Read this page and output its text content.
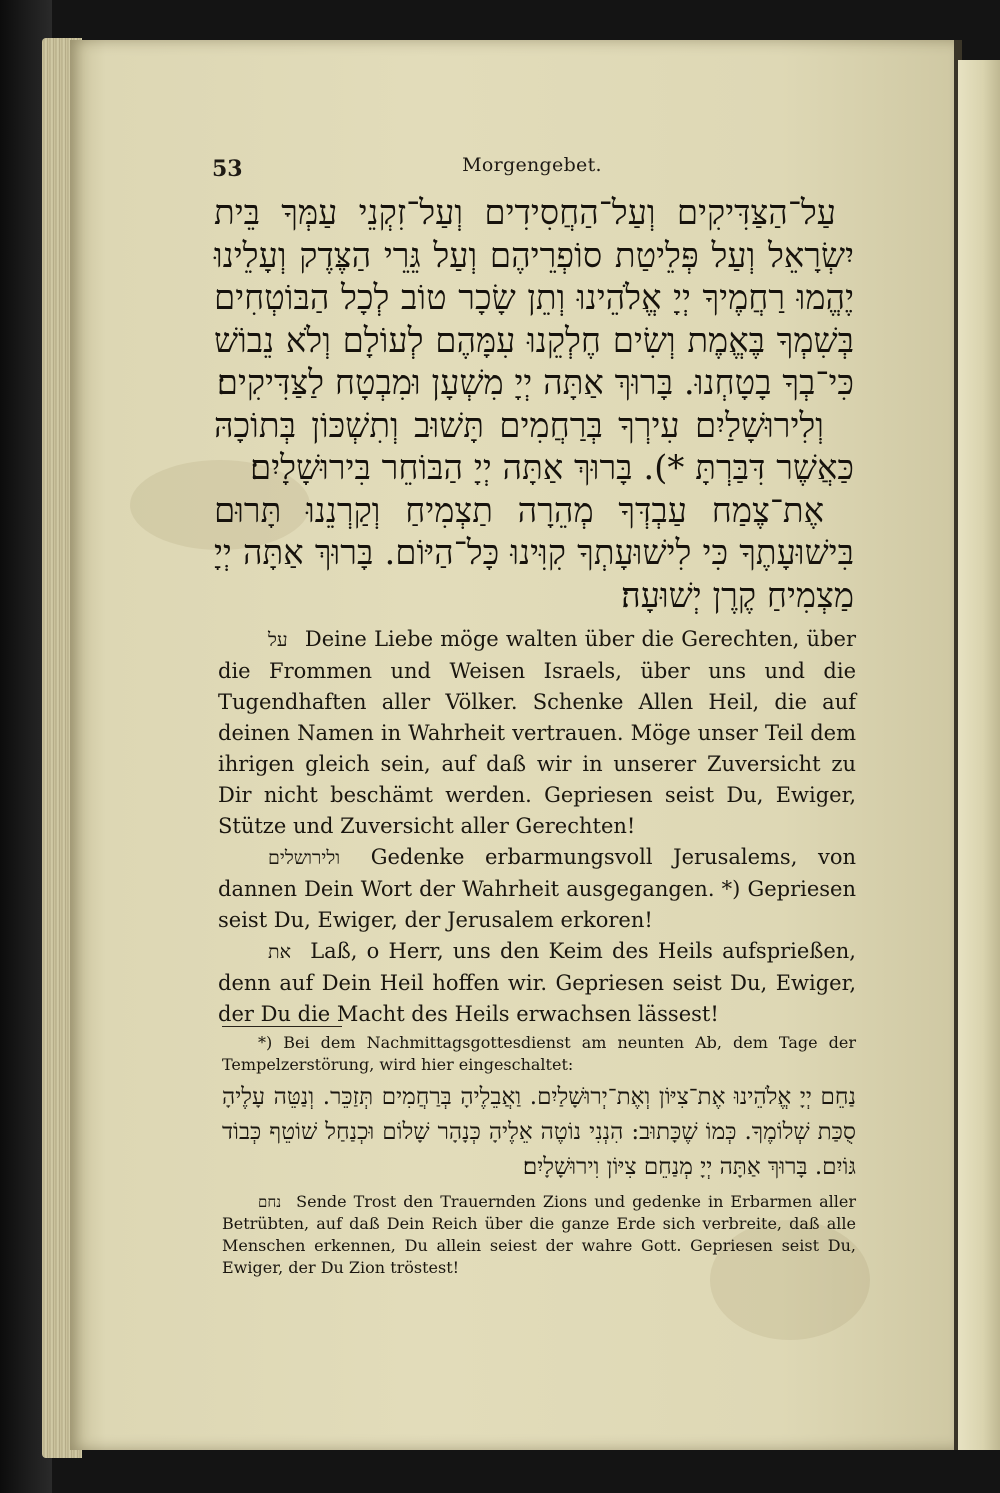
53	Morgengebet.

עַל־הַצַּדִּיקִים וְעַל־הַחֲסִידִים וְעַל־זִקְנֵי עַמְּךָ בֵּית יִשְׂרָאֵל וְעַל פְּלֵיטַת סוֹפְרֵיהֶם וְעַל גֵּרֵי הַצֶּדֶק וְעָלֵינוּ יֶהֱמוּ רַחֲמֶיךָ יְיָ אֱלֹהֵינוּ וְתֵן שָׂכָר טוֹב לְכָל הַבּוֹטְחִים בְּשִׁמְךָ בֶּאֱמֶת וְשִׂים חֶלְקֵנוּ עִמָּהֶם לְעוֹלָם וְלֹא נֵבוֹשׁ כִּי־בְךָ בָטָחְנוּ. בָּרוּךְ אַתָּה יְיָ מִשְׁעָן וּמִבְטָח לַצַּדִּיקִים׃

וְלִירוּשָׁלַיִם עִירְךָ בְּרַחֲמִים תָּשׁוּב וְתִשְׁכּוֹן בְּתוֹכָהּ כַּאֲשֶׁר דִּבַּרְתָּ *). בָּרוּךְ אַתָּה יְיָ הַבּוֹחֵר בִּירוּשָׁלָיִם׃

אֶת־צֶמַח עַבְדְּךָ מְהֵרָה תַצְמִיחַ וְקַרְנֵנוּ תָּרוּם בִּישׁוּעָתֶךָ כִּי לִישׁוּעָתְךָ קִוִּינוּ כָּל־הַיּוֹם. בָּרוּךְ אַתָּה יְיָ מַצְמִיחַ קֶרֶן יְשׁוּעָה׃

על Deine Liebe möge walten über die Gerechten, über die Frommen und Weisen Israels, über uns und die Tugendhaften aller Völker. Schenke Allen Heil, die auf deinen Namen in Wahrheit vertrauen. Möge unser Teil dem ihrigen gleich sein, auf daß wir in unserer Zuversicht zu Dir nicht beschämt werden. Gepriesen seist Du, Ewiger, Stütze und Zuversicht aller Gerechten!

ולירושלים Gedenke erbarmungsvoll Jerusalems, von dannen Dein Wort der Wahrheit ausgegangen. *) Gepriesen seist Du, Ewiger, der Jerusalem erkoren!

את Laß, o Herr, uns den Keim des Heils aufsprießen, denn auf Dein Heil hoffen wir. Gepriesen seist Du, Ewiger, der Du die Macht des Heils erwachsen lässest!

*) Bei dem Nachmittagsgottesdienst am neunten Ab, dem Tage der Tempelzerstörung, wird hier eingeschaltet:

נַחֵם יְיָ אֱלֹהֵינוּ אֶת־צִיּוֹן וְאֶת־יְרוּשָׁלַיִם. וַאֲבֵלֶיהָ בְּרַחֲמִים תְּזַכֵּר. וְנַטֵּה עָלֶיהָ סֻכַּת שְׁלוֹמֶךָ. כְּמוֹ שֶׁכָּתוּב: הִנְנִי נוֹטֶה אֵלֶיהָ כְּנָהָר שָׁלוֹם וּכְנַחַל שׁוֹטֵף כְּבוֹד גּוֹיִם. בָּרוּךְ אַתָּה יְיָ מְנַחֵם צִיּוֹן וִירוּשָׁלָיִם׃

נחם Sende Trost den Trauernden Zions und gedenke in Erbarmen aller Betrübten, auf daß Dein Reich über die ganze Erde sich verbreite, daß alle Menschen erkennen, Du allein seiest der wahre Gott. Gepriesen seist Du, Ewiger, der Du Zion tröstest!
